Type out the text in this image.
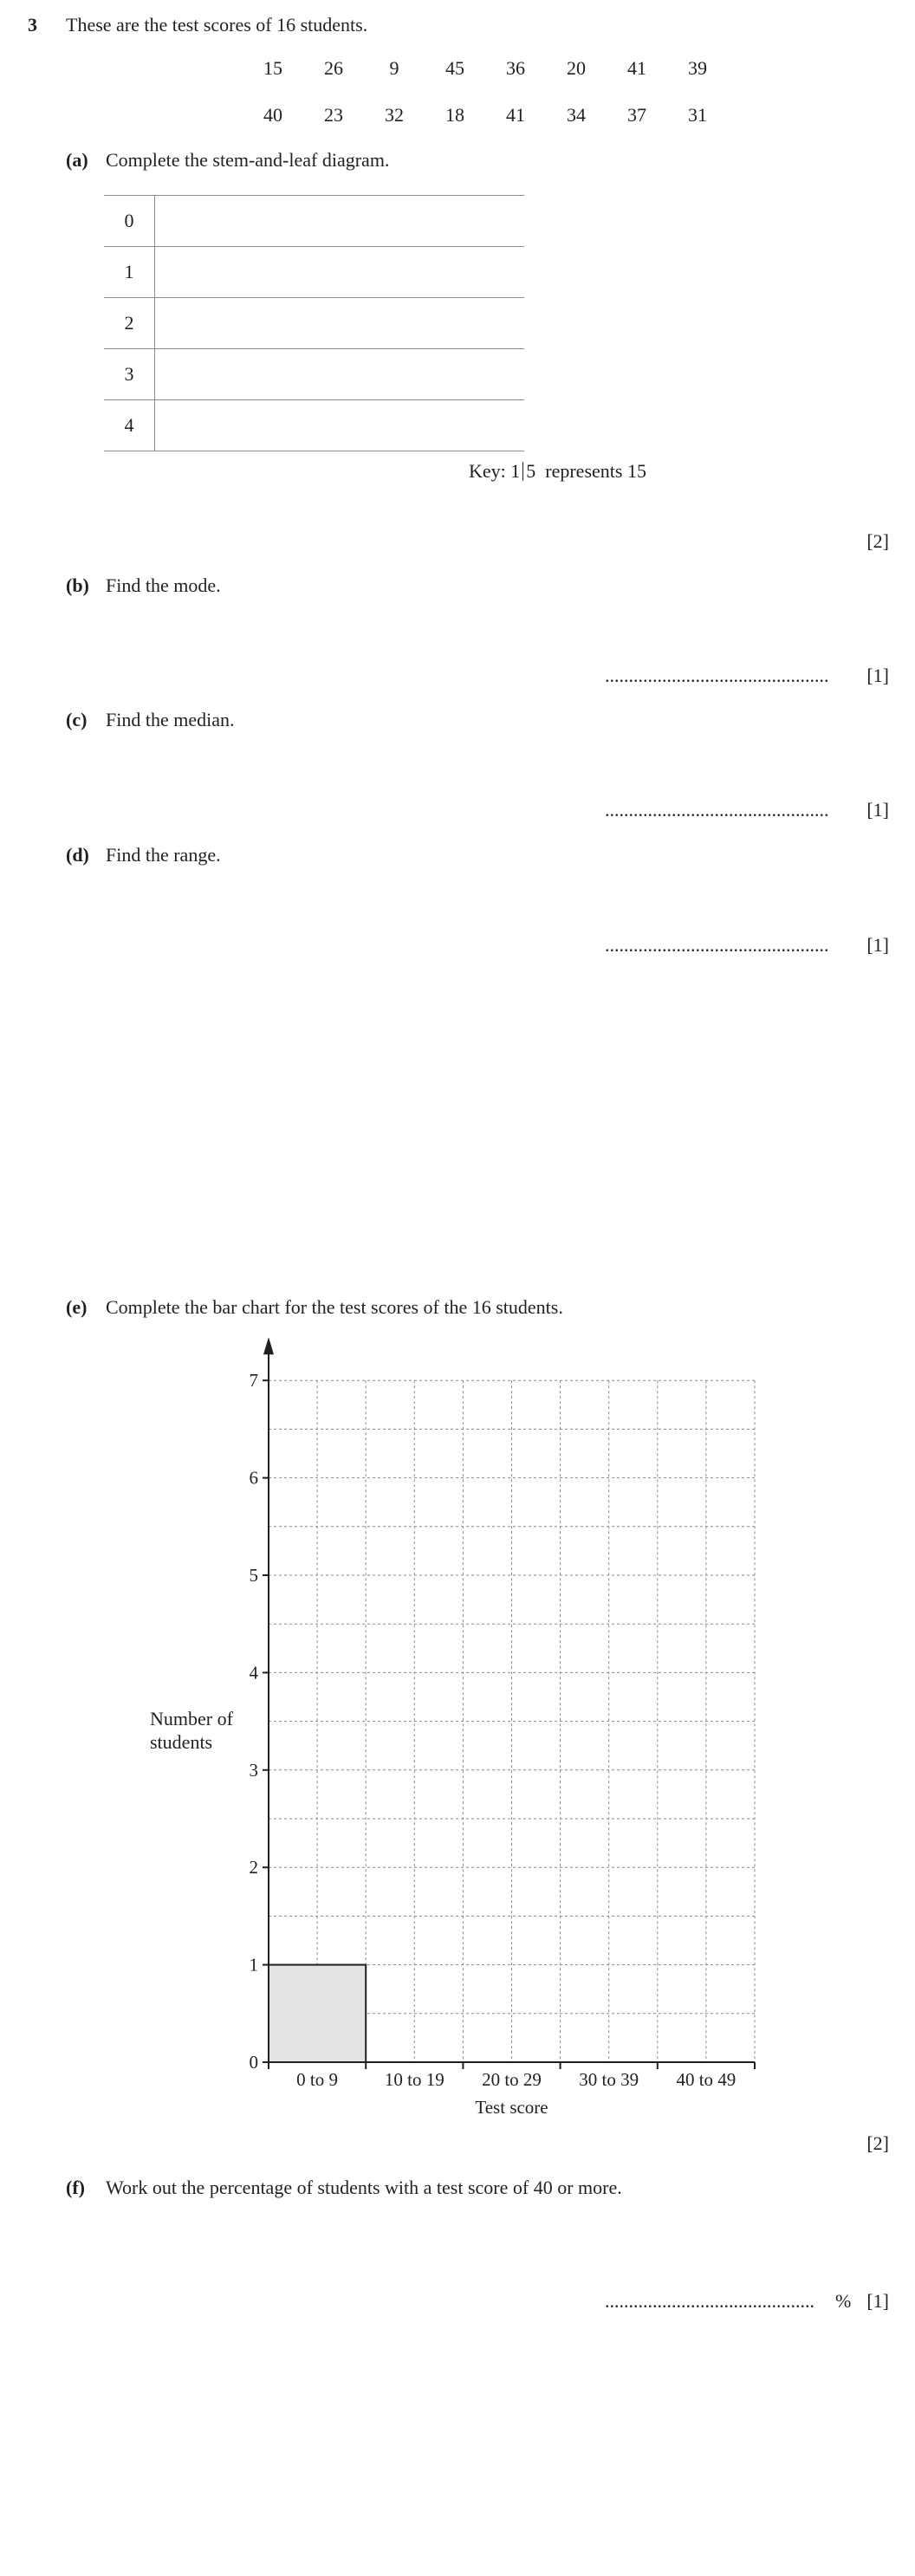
3 These are the test scores of 16 students.
15	26	9	45	36	20	41	39
40	23	32	18	41	34	37	31
(a) Complete the stem-and-leaf diagram.
0	
1	
2	
3	
4	
Key: 1 5  represents 15
[2]
(b) Find the mode.
............................................... [1]
(c) Find the median.
............................................... [1]
(d) Find the range.
............................................... [1]
(e) Complete the bar chart for the test scores of the 16 students.
Number of
students
0
1
2
3
4
5
6
7
0 to 9	10 to 19 20 to 29 30 to 39 40 to 49
Test score
[2]
(f) Work out the percentage of students with a test score of 40 or more.
............................................ % [1]
